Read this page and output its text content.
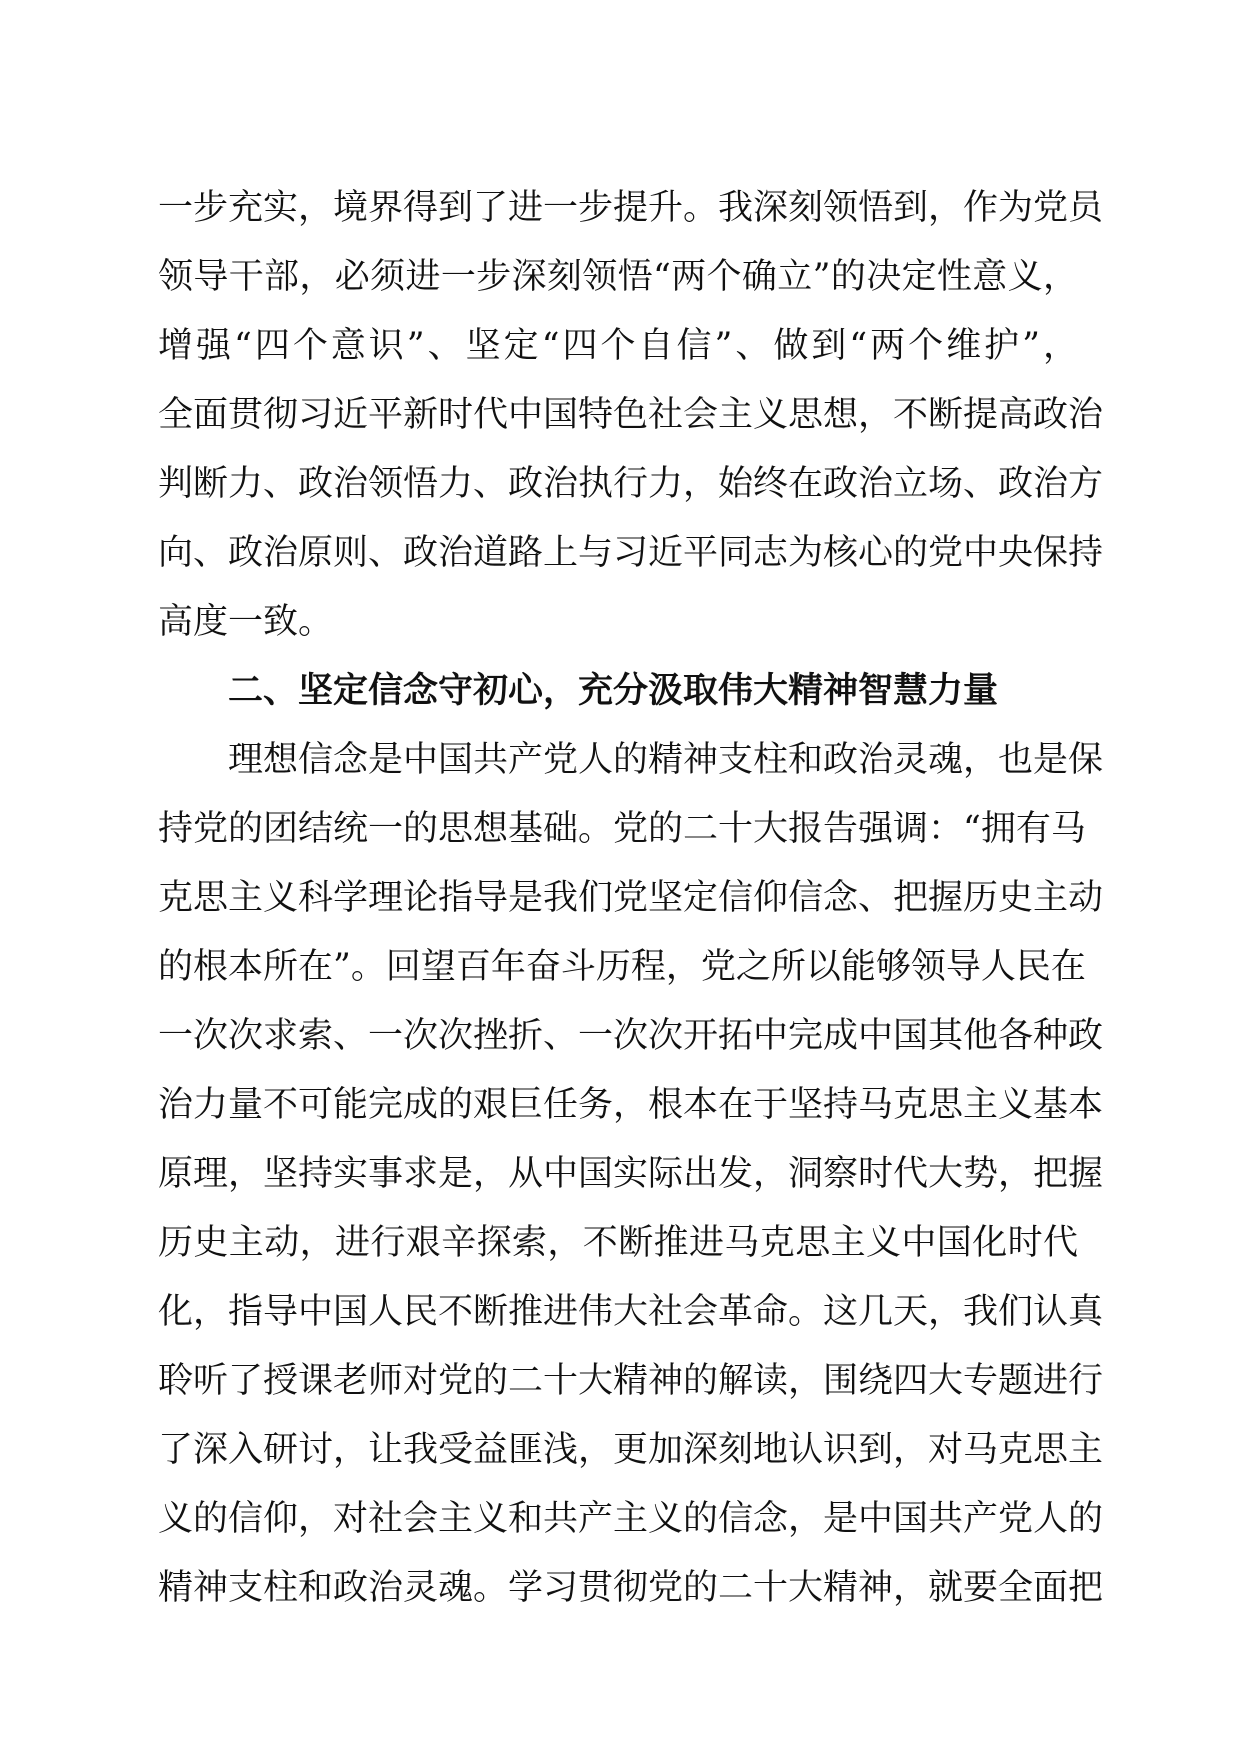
一步充实，境界得到了进一步提升。我深刻领悟到，作为党员
领导干部，必须进一步深刻领悟“两个确立”的决定性意义，
增强“四个意识”、坚定“四个自信”、做到“两个维护”，
全面贯彻习近平新时代中国特色社会主义思想，不断提高政治
判断力、政治领悟力、政治执行力，始终在政治立场、政治方
向、政治原则、政治道路上与习近平同志为核心的党中央保持
高度一致。
二、坚定信念守初心，充分汲取伟大精神智慧力量
理想信念是中国共产党人的精神支柱和政治灵魂，也是保
持党的团结统一的思想基础。党的二十大报告强调：“拥有马
克思主义科学理论指导是我们党坚定信仰信念、把握历史主动
的根本所在”。回望百年奋斗历程，党之所以能够领导人民在
一次次求索、一次次挫折、一次次开拓中完成中国其他各种政
治力量不可能完成的艰巨任务，根本在于坚持马克思主义基本
原理，坚持实事求是，从中国实际出发，洞察时代大势，把握
历史主动，进行艰辛探索，不断推进马克思主义中国化时代
化，指导中国人民不断推进伟大社会革命。这几天，我们认真
聆听了授课老师对党的二十大精神的解读，围绕四大专题进行
了深入研讨，让我受益匪浅，更加深刻地认识到，对马克思主
义的信仰，对社会主义和共产主义的信念，是中国共产党人的
精神支柱和政治灵魂。学习贯彻党的二十大精神，就要全面把
